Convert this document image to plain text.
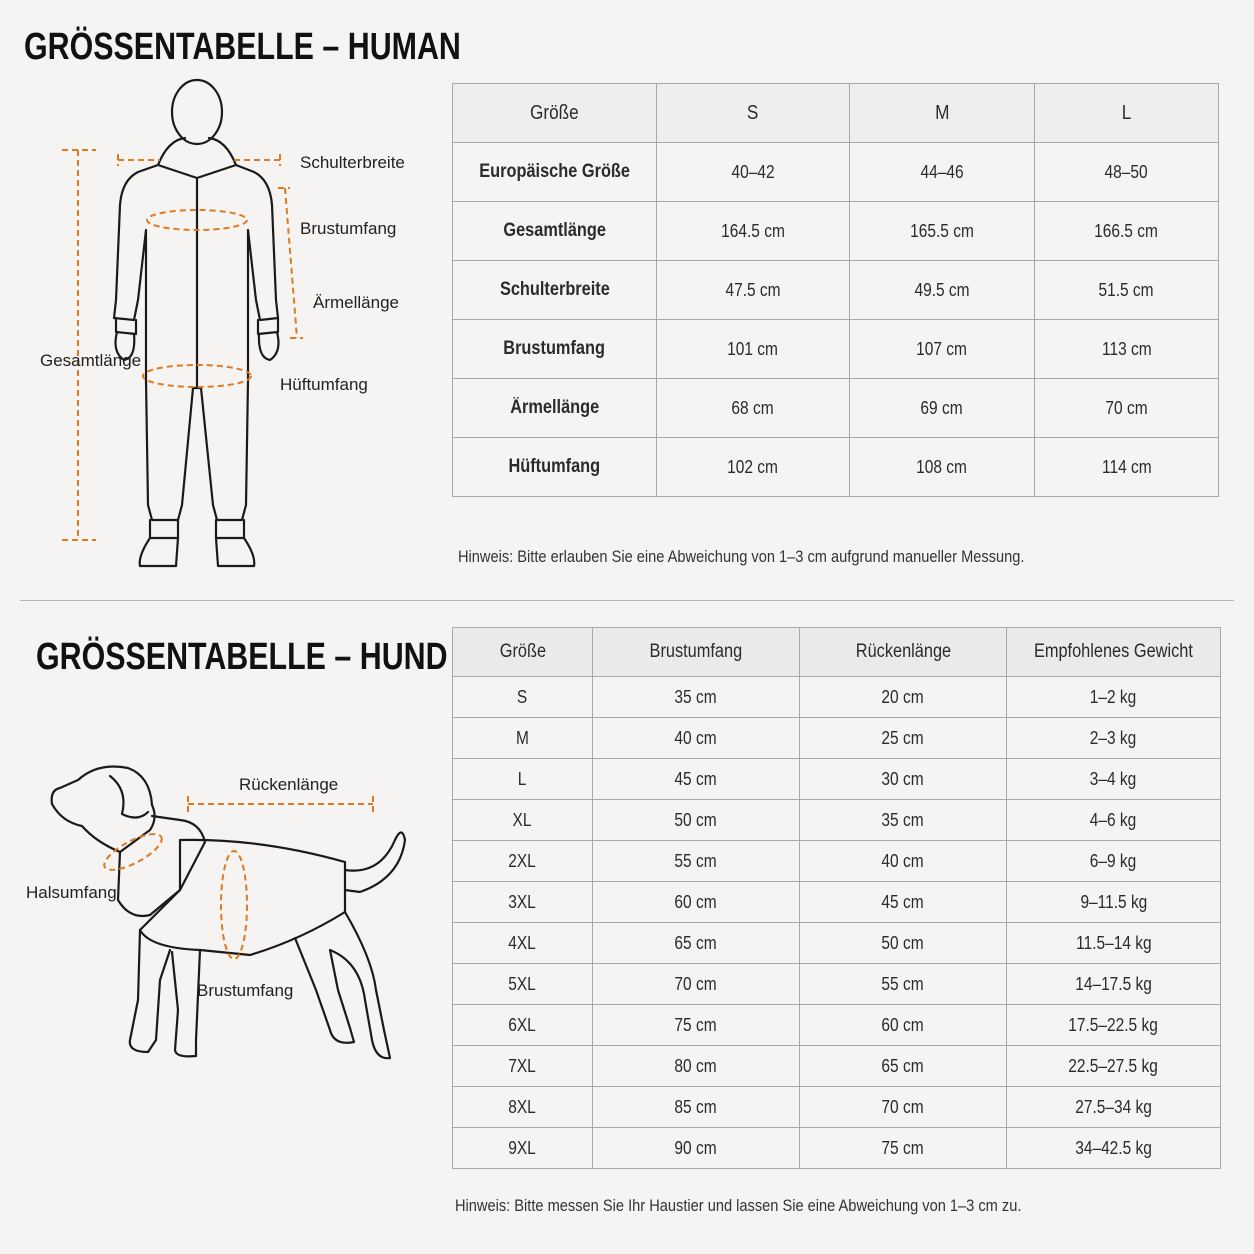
GRÖSSENTABELLE – HUMAN
Schulterbreite
Brustumfang
Ärmellänge
Gesamtlänge
Hüftumfang
Größe	S	M	L
Europäische Größe	40–42	44–46	48–50
Gesamtlänge	164.5 cm	165.5 cm	166.5 cm
Schulterbreite	47.5 cm	49.5 cm	51.5 cm
Brustumfang	101 cm	107 cm	113 cm
Ärmellänge	68 cm	69 cm	70 cm
Hüftumfang	102 cm	108 cm	114 cm
Hinweis: Bitte erlauben Sie eine Abweichung von 1–3 cm aufgrund manueller Messung.
GRÖSSENTABELLE – HUND
Rückenlänge
Halsumfang
Brustumfang
Größe	Brustumfang	Rückenlänge	Empfohlenes Gewicht
S	35 cm	20 cm	1–2 kg
M	40 cm	25 cm	2–3 kg
L	45 cm	30 cm	3–4 kg
XL	50 cm	35 cm	4–6 kg
2XL	55 cm	40 cm	6–9 kg
3XL	60 cm	45 cm	9–11.5 kg
4XL	65 cm	50 cm	11.5–14 kg
5XL	70 cm	55 cm	14–17.5 kg
6XL	75 cm	60 cm	17.5–22.5 kg
7XL	80 cm	65 cm	22.5–27.5 kg
8XL	85 cm	70 cm	27.5–34 kg
9XL	90 cm	75 cm	34–42.5 kg
Hinweis: Bitte messen Sie Ihr Haustier und lassen Sie eine Abweichung von 1–3 cm zu.
